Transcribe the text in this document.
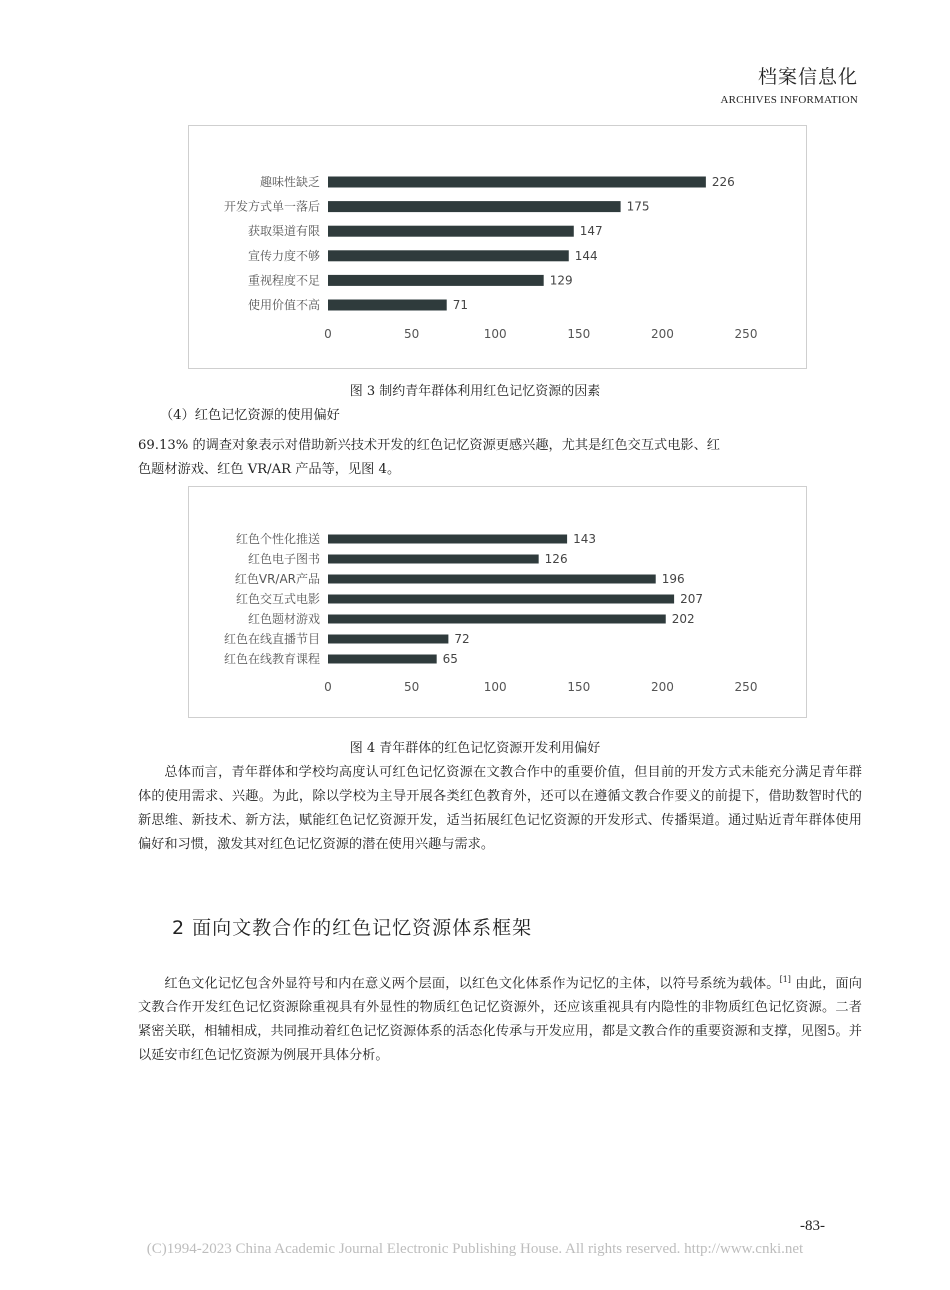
档案信息化
ARCHIVES INFORMATION
趣味性缺乏	226
开发方式单一落后	175
获取渠道有限	147
宣传力度不够	144
重视程度不足	129
使用价值不高	71
0	50	100	150	200	250
图 3 制约青年群体利用红色记忆资源的因素
（4）红色记忆资源的使用偏好
69.13% 的调查对象表示对借助新兴技术开发的红色记忆资源更感兴趣，尤其是红色交互式电影、红
色题材游戏、红色 VR/AR 产品等，见图 4。
红色个性化推送	143
红色电子图书	126
红色VR/AR产品	196
红色交互式电影	207
红色题材游戏	202
红色在线直播节目	72
红色在线教育课程	65
0	50	100	150	200	250
图 4 青年群体的红色记忆资源开发利用偏好

总体而言，青年群体和学校均高度认可红色记忆资源在文教合作中的重要价值，但目前的开发方式未能充分满足青年群体的使用需求、兴趣。为此，除以学校为主导开展各类红色教育外，还可以在遵循文教合作要义的前提下，借助数智时代的新思维、新技术、新方法，赋能红色记忆资源开发，适当拓展红色记忆资源的开发形式、传播渠道。通过贴近青年群体使用偏好和习惯，激发其对红色记忆资源的潜在使用兴趣与需求。

2 面向文教合作的红色记忆资源体系框架

红色文化记忆包含外显符号和内在意义两个层面，以红色文化体系作为记忆的主体，以符号系统为载体。[1] 由此，面向文教合作开发红色记忆资源除重视具有外显性的物质红色记忆资源外，还应该重视具有内隐性的非物质红色记忆资源。二者紧密关联，相辅相成，共同推动着红色记忆资源体系的活态化传承与开发应用，都是文教合作的重要资源和支撑，见图5。并以延安市红色记忆资源为例展开具体分析。

-83-
(C)1994-2023 China Academic Journal Electronic Publishing House. All rights reserved. http://www.cnki.net
